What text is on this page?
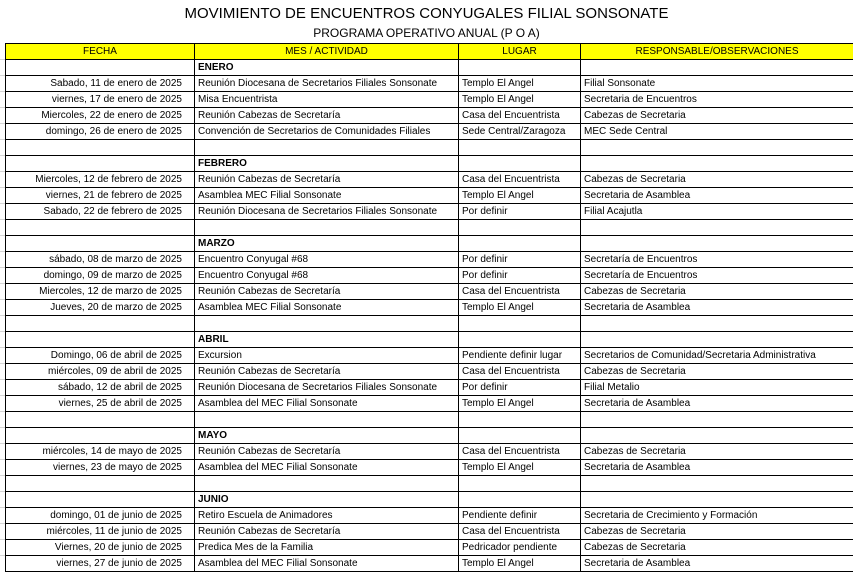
MOVIMIENTO DE ENCUENTROS CONYUGALES FILIAL SONSONATE
PROGRAMA OPERATIVO ANUAL (P O A)
FECHA	MES / ACTIVIDAD	LUGAR	RESPONSABLE/OBSERVACIONES
	ENERO		
Sabado, 11 de enero de 2025	Reunión Diocesana de Secretarios Filiales Sonsonate	Templo El Angel	Filial Sonsonate
viernes, 17 de enero de 2025	Misa Encuentrista	Templo El Angel	Secretaria de Encuentros
Miercoles, 22 de enero de 2025	Reunión Cabezas de Secretaría	Casa del Encuentrista	Cabezas de Secretaria
domingo, 26 de enero de 2025	Convención de Secretarios de Comunidades Filiales	Sede Central/Zaragoza	MEC Sede Central

	FEBRERO		
Miercoles, 12 de febrero de 2025	Reunión Cabezas de Secretaría	Casa del Encuentrista	Cabezas de Secretaria
viernes, 21 de febrero de 2025	Asamblea MEC Filial Sonsonate	Templo El Angel	Secretaria de Asamblea
Sabado, 22 de febrero de 2025	Reunión Diocesana de Secretarios Filiales Sonsonate	Por definir	Filial Acajutla

	MARZO		
sábado, 08 de marzo de 2025	Encuentro Conyugal #68	Por definir	Secretaría de Encuentros
domingo, 09 de marzo de 2025	Encuentro Conyugal #68	Por definir	Secretaría de Encuentros
Miercoles, 12 de marzo de 2025	Reunión Cabezas de Secretaría	Casa del Encuentrista	Cabezas de Secretaria
Jueves, 20 de marzo de 2025	Asamblea MEC Filial Sonsonate	Templo El Angel	Secretaria de Asamblea

	ABRIL		
Domingo, 06 de abril de 2025	Excursion	Pendiente definir lugar	Secretarios de Comunidad/Secretaria Administrativa
miércoles, 09 de abril de 2025	Reunión Cabezas de Secretaría	Casa del Encuentrista	Cabezas de Secretaria
sábado, 12 de abril de 2025	Reunión Diocesana de Secretarios Filiales Sonsonate	Por definir	Filial Metalio
viernes, 25 de abril de 2025	Asamblea del MEC Filial Sonsonate	Templo El Angel	Secretaria de Asamblea

	MAYO		
miércoles, 14 de mayo de 2025	Reunión Cabezas de Secretaría	Casa del Encuentrista	Cabezas de Secretaria
viernes, 23 de mayo de 2025	Asamblea del MEC Filial Sonsonate	Templo El Angel	Secretaria de Asamblea

	JUNIO		
domingo, 01 de junio de 2025	Retiro Escuela de Animadores	Pendiente definir	Secretaria de Crecimiento y Formación
miércoles, 11 de junio de 2025	Reunión Cabezas de Secretaría	Casa del Encuentrista	Cabezas de Secretaria
Viernes, 20 de junio de 2025	Predica Mes de la Familia	Pedricador pendiente	Cabezas de Secretaria
viernes, 27 de junio de 2025	Asamblea del MEC Filial Sonsonate	Templo El Angel	Secretaria de Asamblea
